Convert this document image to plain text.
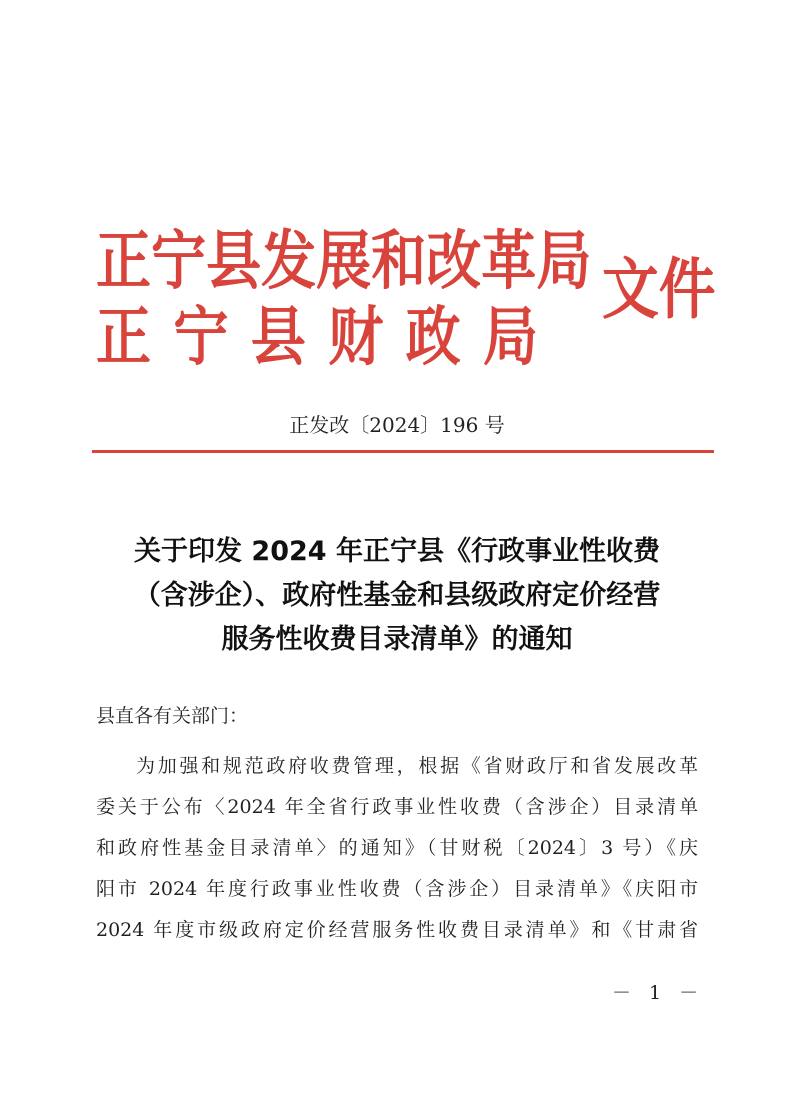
正宁县发展和改革局
正宁县财政局
文件
正发改〔2024〕196 号
关于印发 2024 年正宁县《行政事业性收费
（含涉企）、政府性基金和县级政府定价经营
服务性收费目录清单》的通知
县直各有关部门：
为加强和规范政府收费管理，根据《省财政厅和省发展改革
委关于公布〈2024 年全省行政事业性收费（含涉企）目录清单
和政府性基金目录清单〉的通知》（甘财税〔2024〕3 号）《庆
阳市 2024 年度行政事业性收费（含涉企）目录清单》《庆阳市
2024 年度市级政府定价经营服务性收费目录清单》和《甘肃省
－ 1 －
